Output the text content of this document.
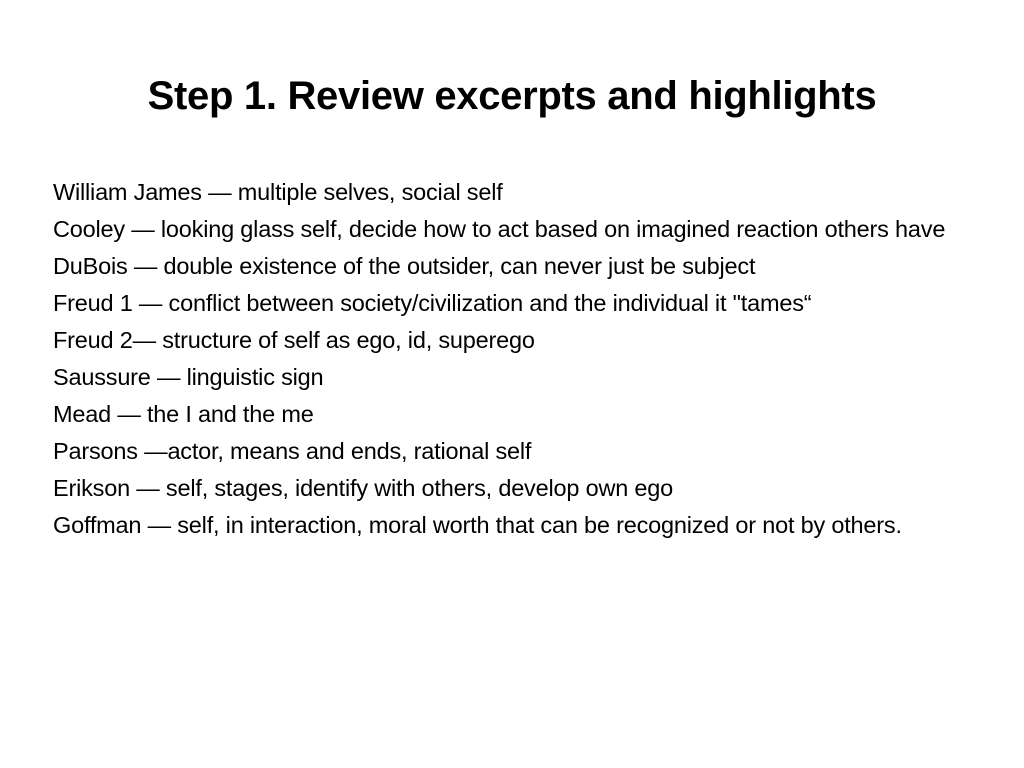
Step 1. Review excerpts and highlights
William James — multiple selves, social self
Cooley — looking glass self, decide how to act based on imagined reaction others have
DuBois — double existence of the outsider, can never just be subject
Freud 1 — conflict between society/civilization and the individual it "tames“
Freud 2— structure of self as ego, id, superego
Saussure — linguistic sign
Mead — the I and the me
Parsons —actor, means and ends, rational self
Erikson — self, stages, identify with others, develop own ego
Goffman — self, in interaction, moral worth that can be recognized or not by others.
